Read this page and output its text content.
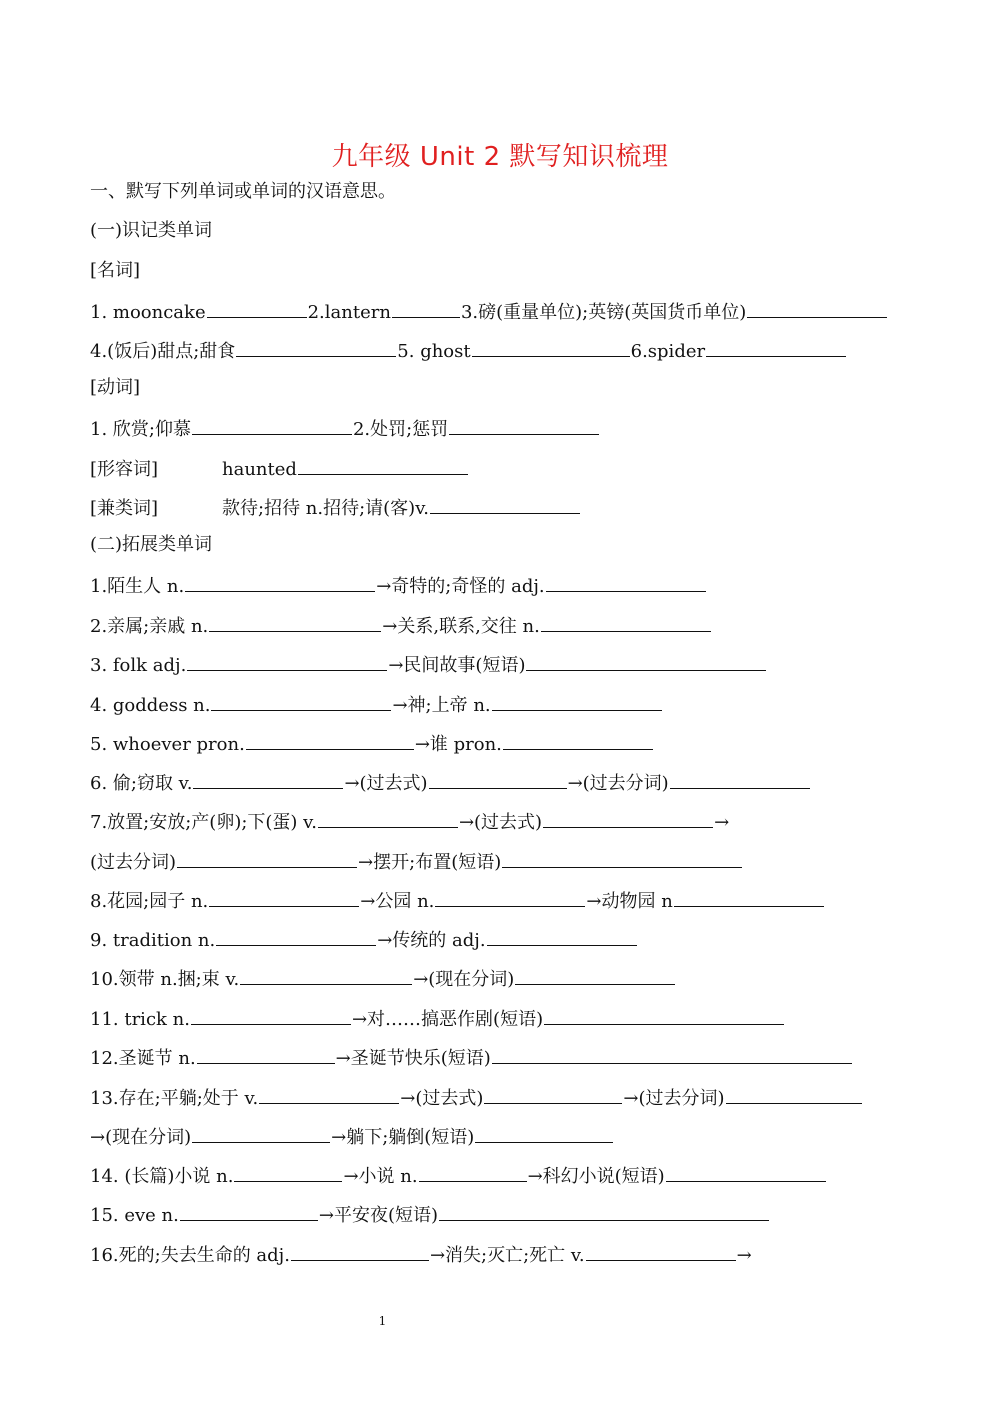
九年级 Unit 2 默写知识梳理
一、默写下列单词或单词的汉语意思。
(一)识记类单词
[名词]
1. mooncake	2.lantern	3.磅(重量单位);英镑(英国货币单位)
4.(饭后)甜点;甜食	5. ghost	6.spider
[动词]
1. 欣赏;仰慕	2.处罚;惩罚
[形容词]	haunted
[兼类词]	款待;招待 n.招待;请(客)v.
(二)拓展类单词
1.陌生人 n.	→奇特的;奇怪的 adj.
2.亲属;亲戚 n.	→关系,联系,交往 n.
3. folk adj.	→民间故事(短语)
4. goddess n.	→神;上帝 n.
5. whoever pron.	→谁 pron.
6. 偷;窃取 v.	→(过去式)	→(过去分词)
7.放置;安放;产(卵);下(蛋) v.	→(过去式)	→
(过去分词)	→摆开;布置(短语)
8.花园;园子 n.	→公园 n.	→动物园 n
9. tradition n.	→传统的 adj.
10.领带 n.捆;束 v.	→(现在分词)
11. trick n.	→对……搞恶作剧(短语)
12.圣诞节 n.	→圣诞节快乐(短语)
13.存在;平躺;处于 v.	→(过去式)	→(过去分词)
→(现在分词)	→躺下;躺倒(短语)
14. (长篇)小说 n.	→小说 n.	→科幻小说(短语)
15. eve n.	→平安夜(短语)
16.死的;失去生命的 adj.	→消失;灭亡;死亡 v.	→
1
